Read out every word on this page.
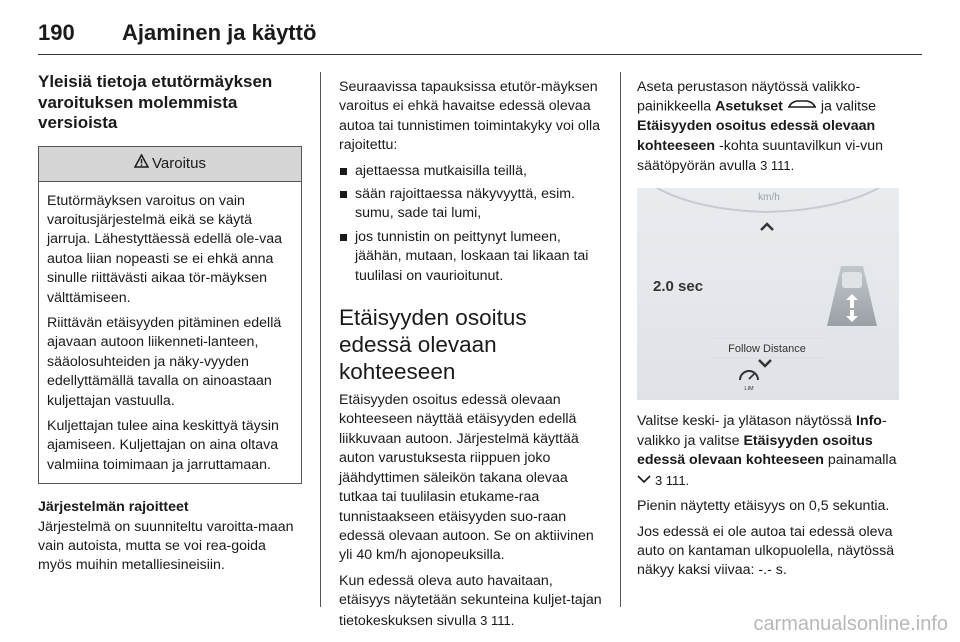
190 Ajaminen ja käyttö
Yleisiä tietoja etutörmäyksen varoituksen molemmista versioista
Varoitus

Etutörmäyksen varoitus on vain varoitusjärjestelmä eikä se käytä jarruja. Lähestyttäessä edellä ole-vaa autoa liian nopeasti se ei ehkä anna sinulle riittävästi aikaa tör-mäyksen välttämiseen.

Riittävän etäisyyden pitäminen edellä ajavaan autoon liikenneti-lanteen, sääolosuhteiden ja näky-vyyden edellyttämällä tavalla on ainoastaan kuljettajan vastuulla.

Kuljettajan tulee aina keskittyä täysin ajamiseen. Kuljettajan on aina oltava valmiina toimimaan ja jarruttamaan.

Järjestelmän rajoitteet

Järjestelmä on suunniteltu varoitta-maan vain autoista, mutta se voi rea-goida myös muihin metalliesineisiin.

Seuraavissa tapauksissa etutör-mäyksen varoitus ei ehkä havaitse edessä olevaa autoa tai tunnistimen toimintakyky voi olla rajoitettu:

ajettaessa mutkaisilla teillä,
sään rajoittaessa näkyvyyttä, esim. sumu, sade tai lumi,
jos tunnistin on peittynyt lumeen, jäähän, mutaan, loskaan tai likaan tai tuulilasi on vaurioitunut.
Etäisyyden osoitus edessä olevaan kohteeseen

Etäisyyden osoitus edessä olevaan kohteeseen näyttää etäisyyden edellä liikkuvaan autoon. Järjestelmä käyttää auton varustuksesta riippuen joko jäähdyttimen säleikön takana olevaa tutkaa tai tuulilasin etukame-raa tunnistaakseen etäisyyden suo-raan edessä olevaan autoon. Se on aktiivinen yli 40 km/h ajonopeuksilla.

Kun edessä oleva auto havaitaan, etäisyys näytetään sekunteina kuljet-tajan tietokeskuksen sivulla 3 111.

Aseta perustason näytössä valikko-painikkeella Asetukset	ja valitse Etäisyyden osoitus edessä olevaan kohteeseen -kohta suuntavilkun vi-vun säätöpyörän avulla 3 111.

km/h
2.0 sec
Follow Distance
LIM

Valitse keski- ja ylätason näytössä Info-valikko ja valitse Etäisyyden osoitus edessä olevaan kohteeseen painamalla  3 111.

Pienin näytetty etäisyys on 0,5 sekuntia.

Jos edessä ei ole autoa tai edessä oleva auto on kantaman ulkopuolella, näytössä näkyy kaksi viivaa: -.- s.

carmanualsonline.info
